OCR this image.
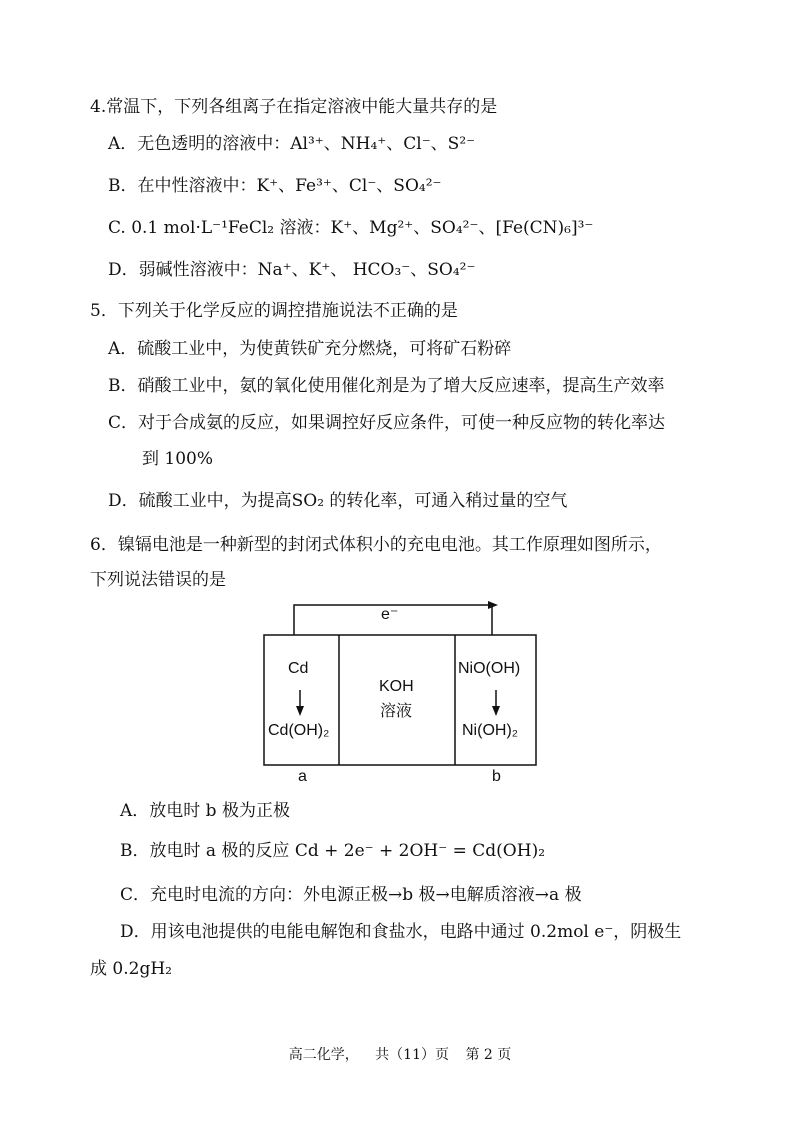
4.常温下，下列各组离子在指定溶液中能大量共存的是
A．无色透明的溶液中：Al³⁺、NH₄⁺、Cl⁻、S²⁻
B．在中性溶液中：K⁺、Fe³⁺、Cl⁻、SO₄²⁻
C. 0.1 mol·L⁻¹FeCl₂ 溶液：K⁺、Mg²⁺、SO₄²⁻、[Fe(CN)₆]³⁻
D．弱碱性溶液中：Na⁺、K⁺、 HCO₃⁻、SO₄²⁻
5．下列关于化学反应的调控措施说法不正确的是
A．硫酸工业中，为使黄铁矿充分燃烧，可将矿石粉碎
B．硝酸工业中，氨的氧化使用催化剂是为了增大反应速率，提高生产效率
C．对于合成氨的反应，如果调控好反应条件，可使一种反应物的转化率达
到 100%
D．硫酸工业中，为提高SO₂ 的转化率，可通入稍过量的空气
6．镍镉电池是一种新型的封闭式体积小的充电电池。其工作原理如图所示，
下列说法错误的是
e⁻
Cd
Cd(OH)₂
KOH
溶液
NiO(OH)
Ni(OH)₂
a	b
A．放电时 b 极为正极
B．放电时 a 极的反应 Cd + 2e⁻ + 2OH⁻ = Cd(OH)₂
C．充电时电流的方向：外电源正极→b 极→电解质溶液→a 极
D．用该电池提供的电能电解饱和食盐水，电路中通过 0.2mol e⁻，阴极生
成 0.2gH₂
高二化学， 共（11）页 第 2 页
